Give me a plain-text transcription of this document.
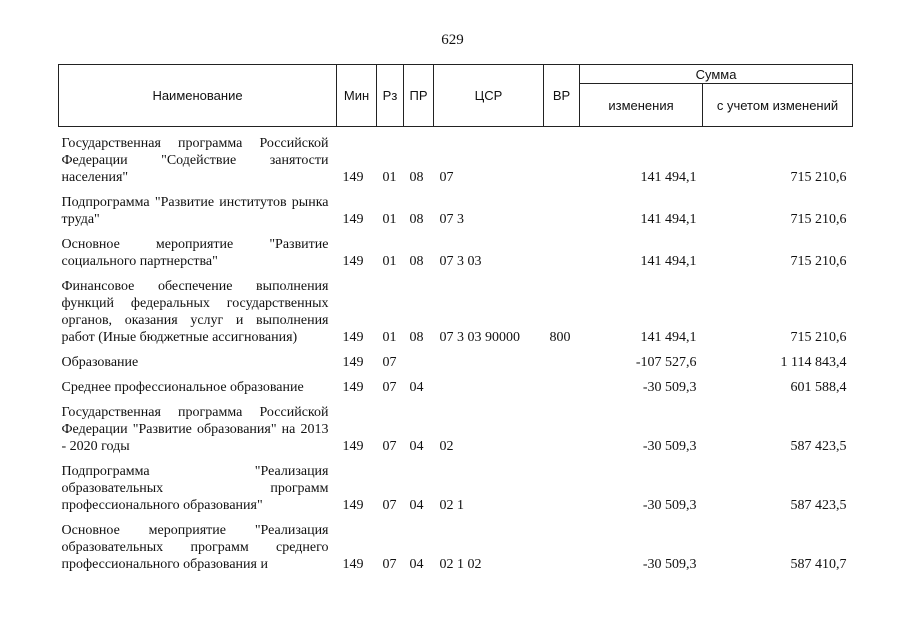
629
Наименование	Мин	Рз	ПР	ЦСР	ВР	Сумма	
						изменения	с учетом изменений
Государственная программа Российской Федерации "Содействие занятости населения"	149	01	08	07		141 494,1	715 210,6
Подпрограмма "Развитие институтов рынка труда"	149	01	08	07 3		141 494,1	715 210,6
Основное мероприятие "Развитие социального партнерства"	149	01	08	07 3 03		141 494,1	715 210,6
Финансовое обеспечение выполнения функций федеральных государственных органов, оказания услуг и выполнения работ (Иные бюджетные ассигнования)	149	01	08	07 3 03 90000	800	141 494,1	715 210,6
Образование	149	07				-107 527,6	1 114 843,4
Среднее профессиональное образование	149	07	04			-30 509,3	601 588,4
Государственная программа Российской Федерации "Развитие образования" на 2013 - 2020 годы	149	07	04	02		-30 509,3	587 423,5
Подпрограмма "Реализация образовательных программ профессионального образования"	149	07	04	02 1		-30 509,3	587 423,5
Основное мероприятие "Реализация образовательных программ среднего профессионального образования и	149	07	04	02 1 02		-30 509,3	587 410,7
